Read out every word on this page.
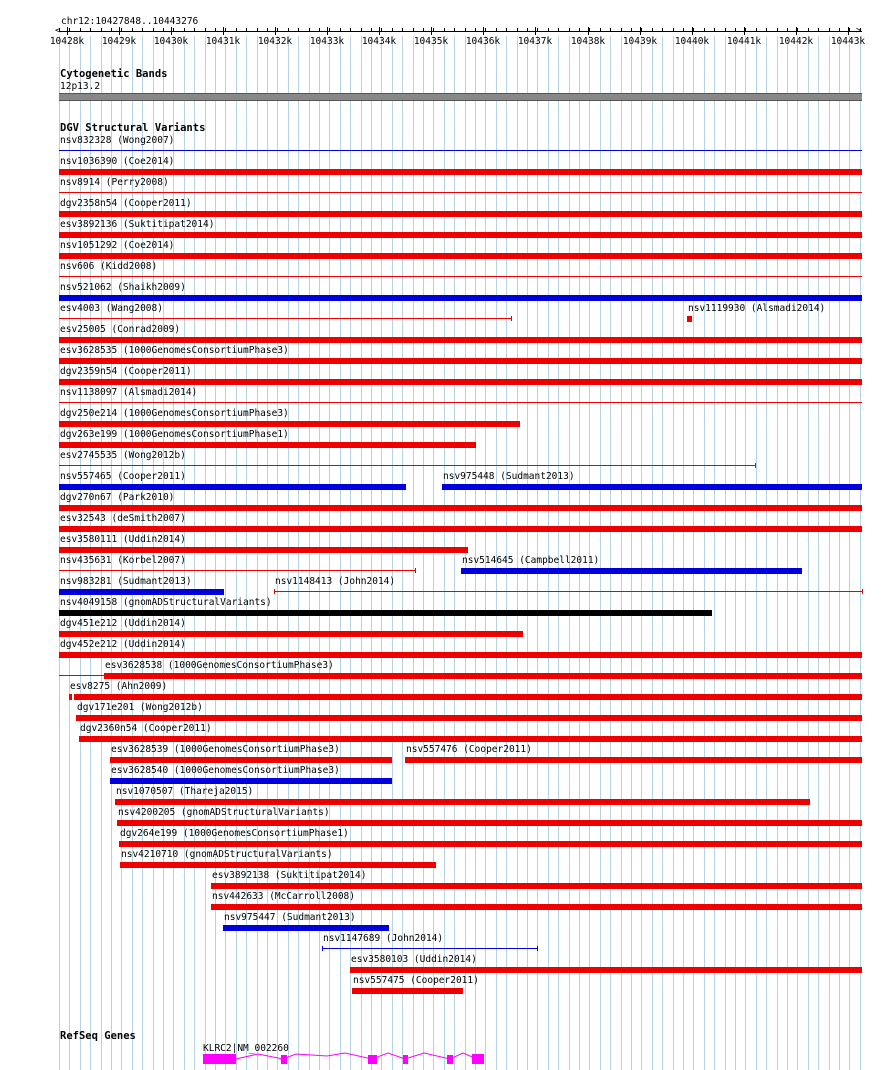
chr12:10427848..10443276
10428k 10429k 10430k 10431k 10432k 10433k 10434k 10435k 10436k 10437k 10438k 10439k 10440k 10441k 10442k 10443k
<	>
Cytogenetic Bands
12p13.2
DGV Structural Variants
nsv832328 (Wong2007)
nsv1036390 (Coe2014)
nsv8914 (Perry2008)
dgv2358n54 (Cooper2011)
esv3892136 (Suktitipat2014)
nsv1051292 (Coe2014)
nsv606 (Kidd2008)
nsv521062 (Shaikh2009)
esv4003 (Wang2008)	nsv1119930 (Alsmadi2014)
esv25005 (Conrad2009)
esv3628535 (1000GenomesConsortiumPhase3)
dgv2359n54 (Cooper2011)
nsv1138097 (Alsmadi2014)
dgv250e214 (1000GenomesConsortiumPhase3)
dgv263e199 (1000GenomesConsortiumPhase1)
esv2745535 (Wong2012b)
nsv557465 (Cooper2011)	nsv975448 (Sudmant2013)
dgv270n67 (Park2010)
esv32543 (deSmith2007)
esv3580111 (Uddin2014)
nsv435631 (Korbel2007)	nsv514645 (Campbell2011)
nsv983281 (Sudmant2013)	nsv1148413 (John2014)
nsv4049158 (gnomADStructuralVariants)
dgv451e212 (Uddin2014)
dgv452e212 (Uddin2014)
esv3628538 (1000GenomesConsortiumPhase3)
esv8275 (Ahn2009)
dgv171e201 (Wong2012b)
dgv2360n54 (Cooper2011)
esv3628539 (1000GenomesConsortiumPhase3)	nsv557476 (Cooper2011)
esv3628540 (1000GenomesConsortiumPhase3)
nsv1070507 (Thareja2015)
nsv4200205 (gnomADStructuralVariants)
dgv264e199 (1000GenomesConsortiumPhase1)
nsv4210710 (gnomADStructuralVariants)
esv3892138 (Suktitipat2014)
nsv442633 (McCarroll2008)
nsv975447 (Sudmant2013)
nsv1147689 (John2014)
esv3580103 (Uddin2014)
nsv557475 (Cooper2011)
RefSeq Genes
KLRC2|NM_002260
